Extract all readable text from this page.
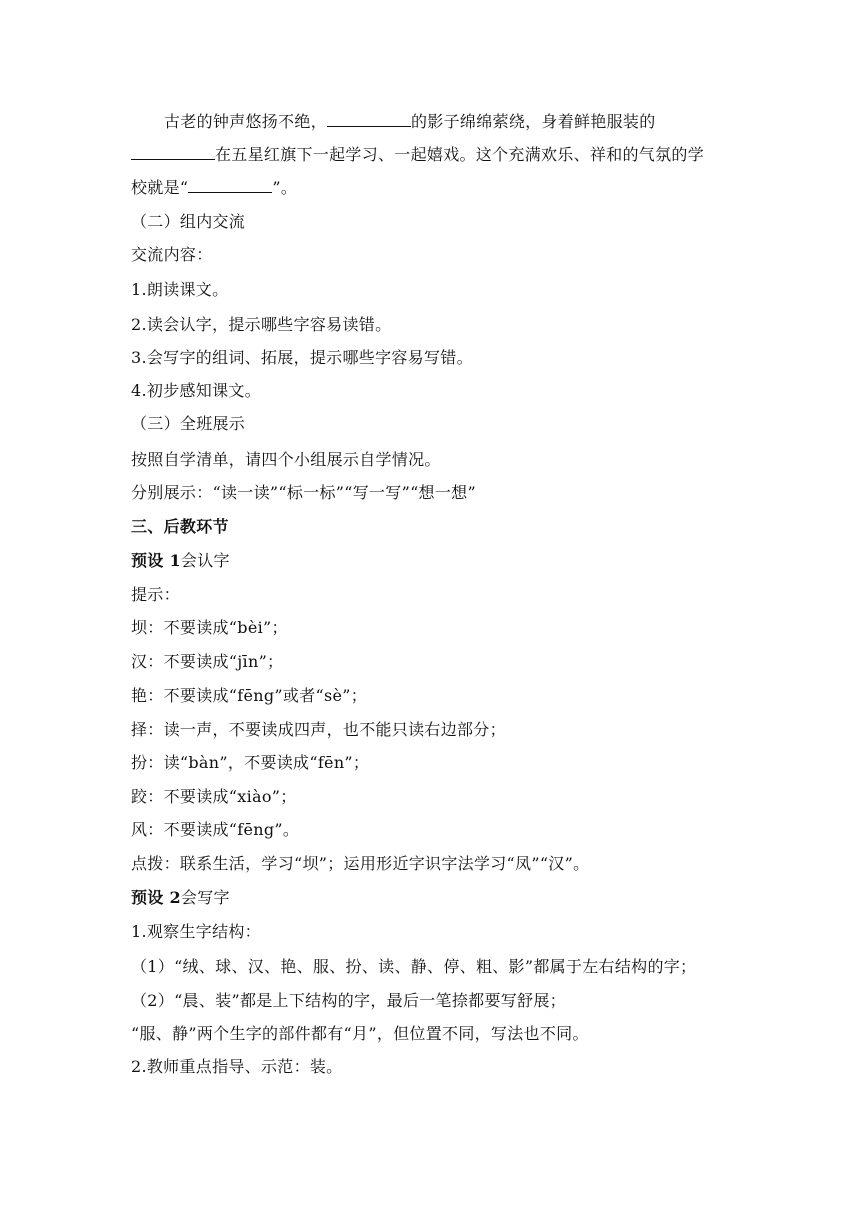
古老的钟声悠扬不绝，	的影子绵绵萦绕，身着鲜艳服装的
在五星红旗下一起学习、一起嬉戏。这个充满欢乐、祥和的气氛的学
校就是“	”。
（二）组内交流
交流内容：
1.朗读课文。
2.读会认字，提示哪些字容易读错。
3.会写字的组词、拓展，提示哪些字容易写错。
4.初步感知课文。
（三）全班展示
按照自学清单，请四个小组展示自学情况。
分别展示：“读一读”“标一标”“写一写”“想一想”
三、后教环节
预设 1会认字
提示：
坝：不要读成“bèi”；
汉：不要读成“jīn”；
艳：不要读成“fēng”或者“sè”；
择：读一声，不要读成四声，也不能只读右边部分；
扮：读“bàn”，不要读成“fēn”；
跤：不要读成“xiào”；
风：不要读成“fēng”。
点拨：联系生活，学习“坝”；运用形近字识字法学习“凤”“汉”。
预设 2会写字
1.观察生字结构：
（1）“绒、球、汉、艳、服、扮、读、静、停、粗、影”都属于左右结构的字；
（2）“晨、装”都是上下结构的字，最后一笔捺都要写舒展；
“服、静”两个生字的部件都有“月”，但位置不同，写法也不同。
2.教师重点指导、示范：装。
